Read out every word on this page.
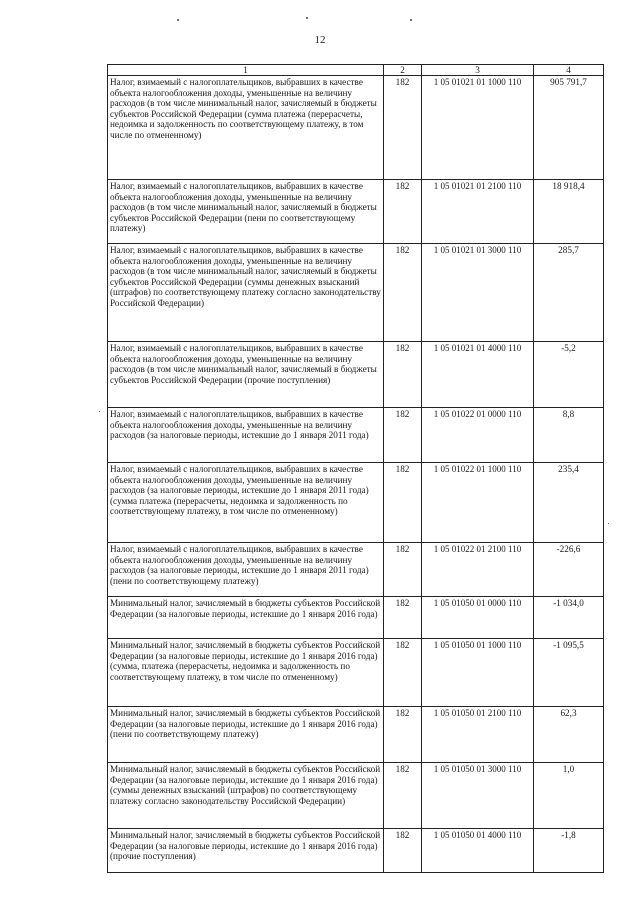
12
1	2	3	4
Налог, взимаемый с налогоплательщиков, выбравших в качестве объекта налогообложения доходы, уменьшенные на величину расходов (в том числе минимальный налог, зачисляемый в бюджеты субъектов Российской Федерации (сумма платежа (перерасчеты, недоимка и задолженность по соответствующему платежу, в том числе по отмененному)	182	1 05 01021 01 1000 110	905 791,7
Налог, взимаемый с налогоплательщиков, выбравших в качестве объекта налогообложения доходы, уменьшенные на величину расходов (в том числе минимальный налог, зачисляемый в бюджеты субъектов Российской Федерации (пени по соответствующему платежу)	182	1 05 01021 01 2100 110	18 918,4
Налог, взимаемый с налогоплательщиков, выбравших в качестве объекта налогообложения доходы, уменьшенные на величину расходов (в том числе минимальный налог, зачисляемый в бюджеты субъектов Российской Федерации (суммы денежных взысканий (штрафов) по соответствующему платежу согласно законодательству Российской Федерации)	182	1 05 01021 01 3000 110	285,7
Налог, взимаемый с налогоплательщиков, выбравших в качестве объекта налогообложения доходы, уменьшенные на величину расходов (в том числе минимальный налог, зачисляемый в бюджеты субъектов Российской Федерации (прочие поступления)	182	1 05 01021 01 4000 110	-5,2
Налог, взимаемый с налогоплательщиков, выбравших в качестве объекта налогообложения доходы, уменьшенные на величину расходов (за налоговые периоды, истекшие до 1 января 2011 года)	182	1 05 01022 01 0000 110	8,8
Налог, взимаемый с налогоплательщиков, выбравших в качестве объекта налогообложения доходы, уменьшенные на величину расходов (за налоговые периоды, истекшие до 1 января 2011 года) (сумма платежа (перерасчеты, недоимка и задолженность по соответствующему платежу, в том числе по отмененному)	182	1 05 01022 01 1000 110	235,4
Налог, взимаемый с налогоплательщиков, выбравших в качестве объекта налогообложения доходы, уменьшенные на величину расходов (за налоговые периоды, истекшие до 1 января 2011 года) (пени по соответствующему платежу)	182	1 05 01022 01 2100 110	-226,6
Минимальный налог, зачисляемый в бюджеты субъектов Российской Федерации (за налоговые периоды, истекшие до 1 января 2016 года)	182	1 05 01050 01 0000 110	-1 034,0
Минимальный налог, зачисляемый в бюджеты субъектов Российской Федерации (за налоговые периоды, истекшие до 1 января 2016 года) (сумма, платежа (перерасчеты, недоимка и задолженность по соответствующему платежу, в том числе по отмененному)	182	1 05 01050 01 1000 110	-1 095,5
Минимальный налог, зачисляемый в бюджеты субъектов Российской Федерации (за налоговые периоды, истекшие до 1 января 2016 года) (пени по соответствующему платежу)	182	1 05 01050 01 2100 110	62,3
Минимальный налог, зачисляемый в бюджеты субъектов Российской Федерации (за налоговые периоды, истекшие до 1 января 2016 года) (суммы денежных взысканий (штрафов) по соответствующему платежу согласно законодательству Российской Федерации)	182	1 05 01050 01 3000 110	1,0
Минимальный налог, зачисляемый в бюджеты субъектов Российской Федерации (за налоговые периоды, истекшие до 1 января 2016 года) (прочие поступления)	182	1 05 01050 01 4000 110	-1,8
